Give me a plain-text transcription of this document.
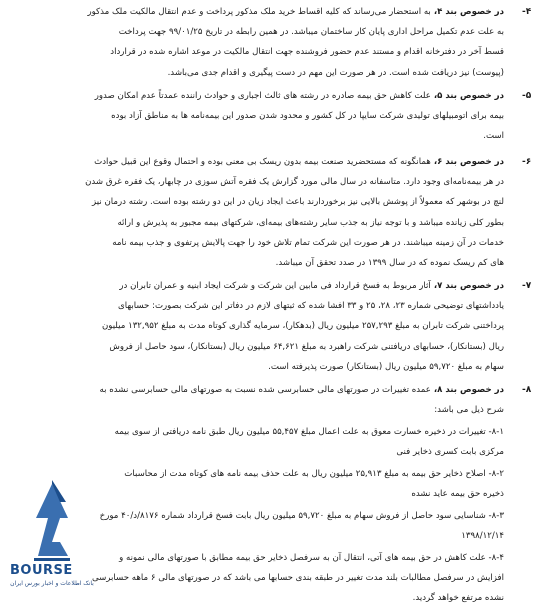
۴-
در خصوص بند ۴، به استحضار می‌رساند که کلیه اقساط خرید ملک مذکور پرداخت و عدم انتقال مالکیت ملک مذکور
به علت عدم تکمیل مراحل اداری پایان کار ساختمان میباشد. در همین رابطه در تاریخ ۹۹/۰۱/۲۵ جهت پرداخت
قسط آخر در دفترخانه اقدام و مستند عدم حضور فروشنده جهت انتقال مالکیت در موعد اشاره شده در قرارداد
(پیوست) نیز دریافت شده است. در هر صورت این مهم در دست پیگیری و اقدام جدی می‌باشد.
۵-
در خصوص بند ۵، علت کاهش حق بیمه صادره در رشته های ثالث اجباری و حوادث راننده عمدتاً عدم امکان صدور
بیمه برای اتومبیلهای تولیدی شرکت سایپا در کل کشور و محدود شدن صدور این بیمه‌نامه ها به مناطق آزاد بوده
است.
۶-
در خصوص بند ۶، همانگونه که مستحضرید صنعت بیمه بدون ریسک بی معنی بوده و احتمال وقوع این قبیل حوادث
در هر بیمه‌نامه‌ای وجود دارد. متاسفانه در سال مالی مورد گزارش یک فقره آتش سوزی در چابهار، یک فقره غرق شدن
لنچ در بوشهر که معمولاً از پوشش بالایی نیز برخوردارند باعث ایجاد زیان در این دو رشته بوده است. رشته درمان نیز
بطور کلی زیانده میباشد و با توجه نیاز به جذب سایر رشته‌های بیمه‌ای، شرکتهای بیمه مجبور به پذیرش و ارائه
خدمات در آن زمینه میباشند. در هر صورت این شرکت تمام تلاش خود را جهت پالایش پرتفوی و جذب بیمه نامه
های کم ریسک نموده که در سال ۱۳۹۹ در صدد تحقق آن میباشد.
۷-
در خصوص بند ۷، آثار مربوط به فسخ قرارداد فی مابین این شرکت و شرکت ایجاد ابنیه و عمران تابران در
یادداشتهای توضیحی شماره ۲۳، ۲۸، ۲۵ و ۳۳ افشا شده که ثبتهای لازم در دفاتر این شرکت بصورت: حسابهای
پرداختنی شرکت تابران به مبلغ ۲۵۷,۲۹۳ میلیون ریال (بدهکار)، سرمایه گذاری کوتاه مدت به مبلغ ۱۳۲,۹۵۲ میلیون
ریال (بستانکار)، حسابهای دریافتنی شرکت راهبرد به مبلغ ۶۴,۶۲۱ میلیون ریال (بستانکار)، سود حاصل از فروش
سهام به مبلغ ۵۹,۷۲۰ میلیون ریال (بستانکار) صورت پذیرفته است.
۸-
در خصوص بند ۸، عمده تغییرات در صورتهای مالی حسابرسی شده نسبت به صورتهای مالی حسابرسی نشده به
شرح ذیل می باشد:
۸-۱- تغییرات در ذخیره خسارت معوق به علت اعمال مبلغ ۵۵,۴۵۷ میلیون ریال طبق نامه دریافتی از سوی بیمه
مرکزی بابت کسری ذخایر فنی
۸-۲- اصلاح ذخایر حق بیمه به مبلغ ۲۵,۹۱۳ میلیون ریال به علت حذف بیمه نامه های کوتاه مدت از محاسبات
ذخیره حق بیمه عاید نشده
۸-۳- شناسایی سود حاصل از فروش سهام به مبلغ ۵۹,۷۲۰ میلیون ریال بابت فسخ قرارداد شماره ۸۱۷۶/د/۴۰ مورخ
۱۳۹۸/۱۲/۱۴
۸-۴- علت کاهش در حق بیمه های آتی، انتقال آن به سرفصل ذخایر حق بیمه مطابق با صورتهای مالی نمونه و
افزایش در سرفصل مطالبات بلند مدت تغییر در طبقه بندی حسابها می باشد که در صورتهای مالی ۶ ماهه حسابرسی
نشده مرتفع خواهد گردید.
BOURSE
بانک اطلاعات و اخبار بورس ایران
